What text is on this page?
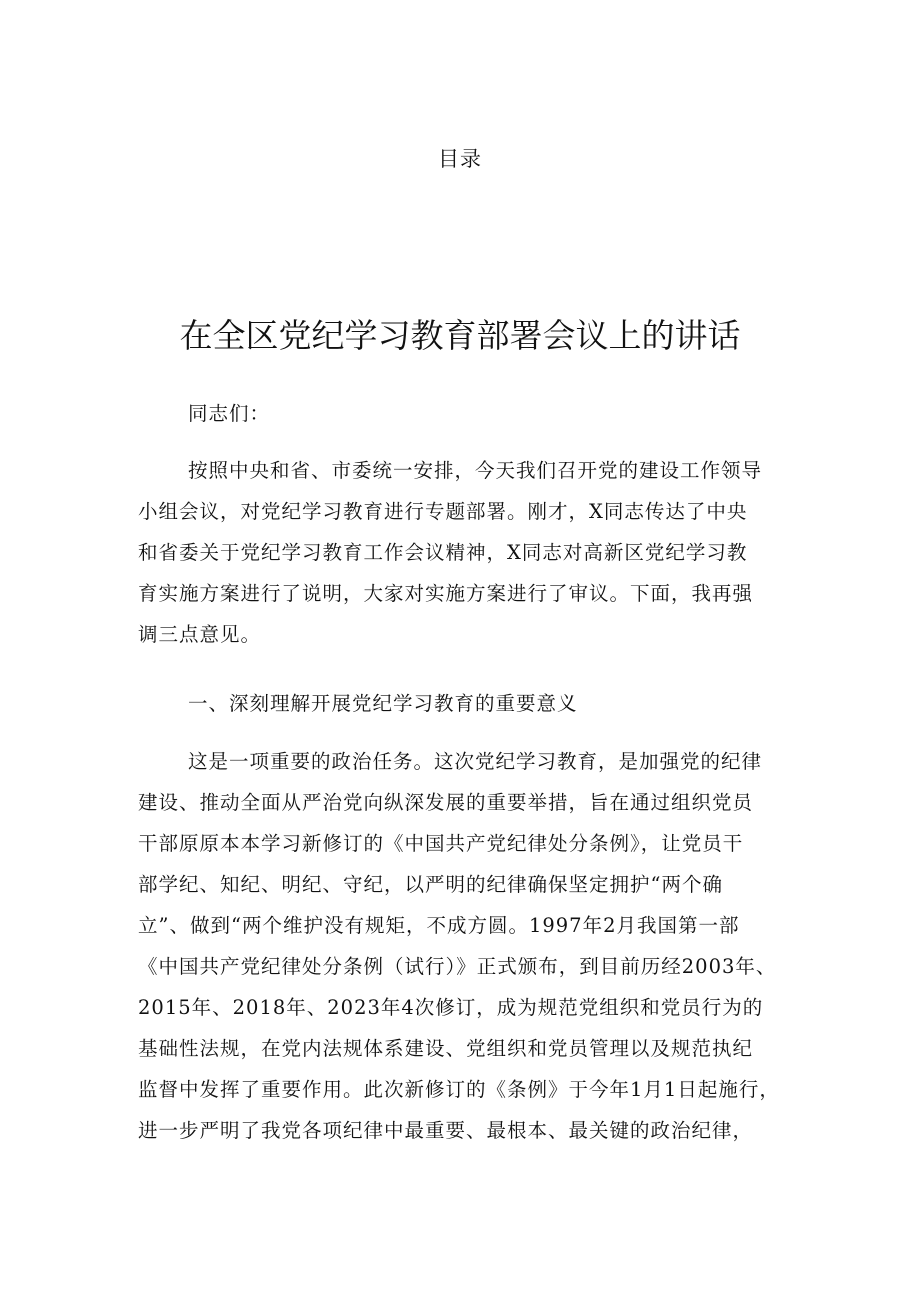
目录
在全区党纪学习教育部署会议上的讲话
同志们：
按照中央和省、市委统一安排，今天我们召开党的建设工作领导
小组会议，对党纪学习教育进行专题部署。刚才，X同志传达了中央
和省委关于党纪学习教育工作会议精神，X同志对高新区党纪学习教
育实施方案进行了说明，大家对实施方案进行了审议。下面，我再强
调三点意见。
一、深刻理解开展党纪学习教育的重要意义
这是一项重要的政治任务。这次党纪学习教育，是加强党的纪律
建设、推动全面从严治党向纵深发展的重要举措，旨在通过组织党员
干部原原本本学习新修订的《中国共产党纪律处分条例》，让党员干
部学纪、知纪、明纪、守纪，以严明的纪律确保坚定拥护“两个确
立”、做到“两个维护没有规矩，不成方圆。1997年2月我国第一部
《中国共产党纪律处分条例（试行）》正式颁布，到目前历经2003年、
2015年、2018年、2023年4次修订，成为规范党组织和党员行为的
基础性法规，在党内法规体系建设、党组织和党员管理以及规范执纪
监督中发挥了重要作用。此次新修订的《条例》于今年1月1日起施行，
进一步严明了我党各项纪律中最重要、最根本、最关键的政治纪律，
